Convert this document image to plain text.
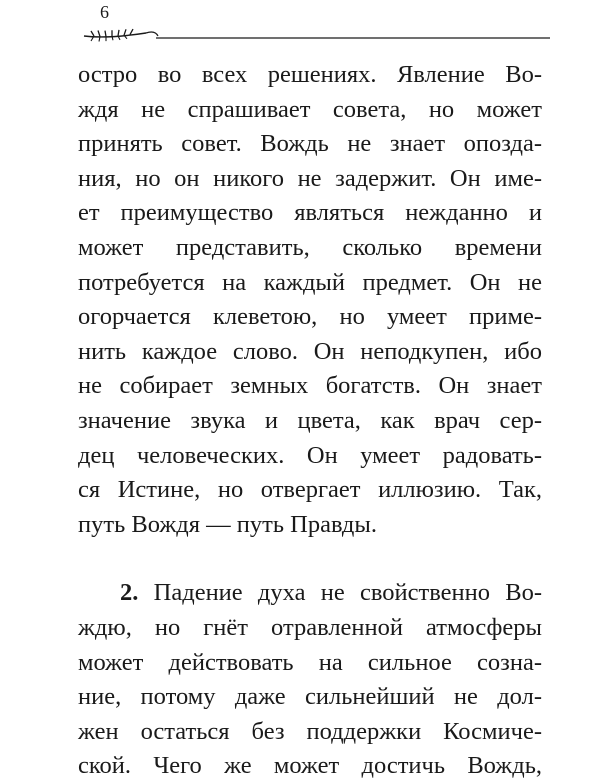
6
остро во всех решениях. Явление Во-
ждя не спрашивает совета, но может
принять совет. Вождь не знает опозда-
ния, но он никого не задержит. Он име-
ет преимущество являться нежданно и
может представить, сколько времени
потребуется на каждый предмет. Он не
огорчается клеветою, но умеет приме-
нить каждое слово. Он неподкупен, ибо
не собирает земных богатств. Он знает
значение звука и цвета, как врач сер-
дец человеческих. Он умеет радовать-
ся Истине, но отвергает иллюзию. Так,
путь Вождя — путь Правды.
2. Падение духа не свойственно Во-
ждю, но гнёт отравленной атмосферы
может действовать на сильное созна-
ние, потому даже сильнейший не дол-
жен остаться без поддержки Космиче-
ской. Чего же может достичь Вождь,
